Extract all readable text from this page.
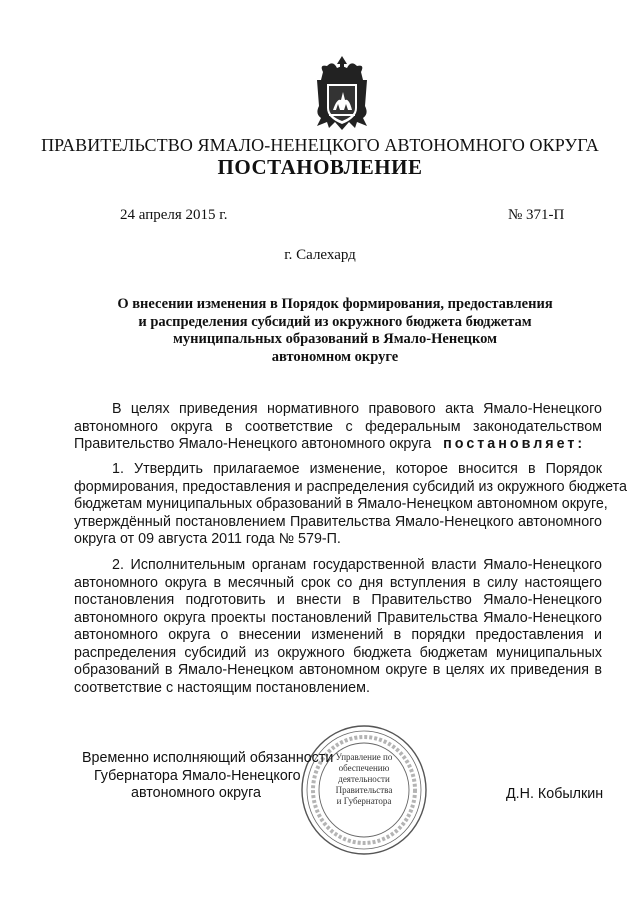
ПРАВИТЕЛЬСТВО ЯМАЛО-НЕНЕЦКОГО АВТОНОМНОГО ОКРУГА
ПОСТАНОВЛЕНИЕ
24 апреля 2015 г.	№ 371-П
г. Салехард
О внесении изменения в Порядок формирования, предоставления
и распределения субсидий из окружного бюджета бюджетам
муниципальных образований в Ямало-Ненецком
автономном округе
В целях приведения нормативного правового акта Ямало-Ненецкого
автономного округа в соответствие с федеральным законодательством
Правительство Ямало-Ненецкого автономного округа постановляет:
1. Утвердить прилагаемое изменение, которое вносится в Порядок
формирования, предоставления и распределения субсидий из окружного бюджета
бюджетам муниципальных образований в Ямало-Ненецком автономном округе,
утверждённый постановлением Правительства Ямало-Ненецкого автономного
округа от 09 августа 2011 года № 579-П.
2. Исполнительным органам государственной власти Ямало-Ненецкого
автономного округа в месячный срок со дня вступления в силу настоящего
постановления подготовить и внести в Правительство Ямало-Ненецкого
автономного округа проекты постановлений Правительства Ямало-Ненецкого
автономного округа о внесении изменений в порядки предоставления и
распределения субсидий из окружного бюджета бюджетам муниципальных
образований в Ямало-Ненецком автономном округе в целях их приведения в
соответствие с настоящим постановлением.
Управление по
обеспечению
деятельности
Правительства
и Губернатора
Временно исполняющий обязанности
Губернатора Ямало-Ненецкого
автономного округа	Д.Н. Кобылкин
